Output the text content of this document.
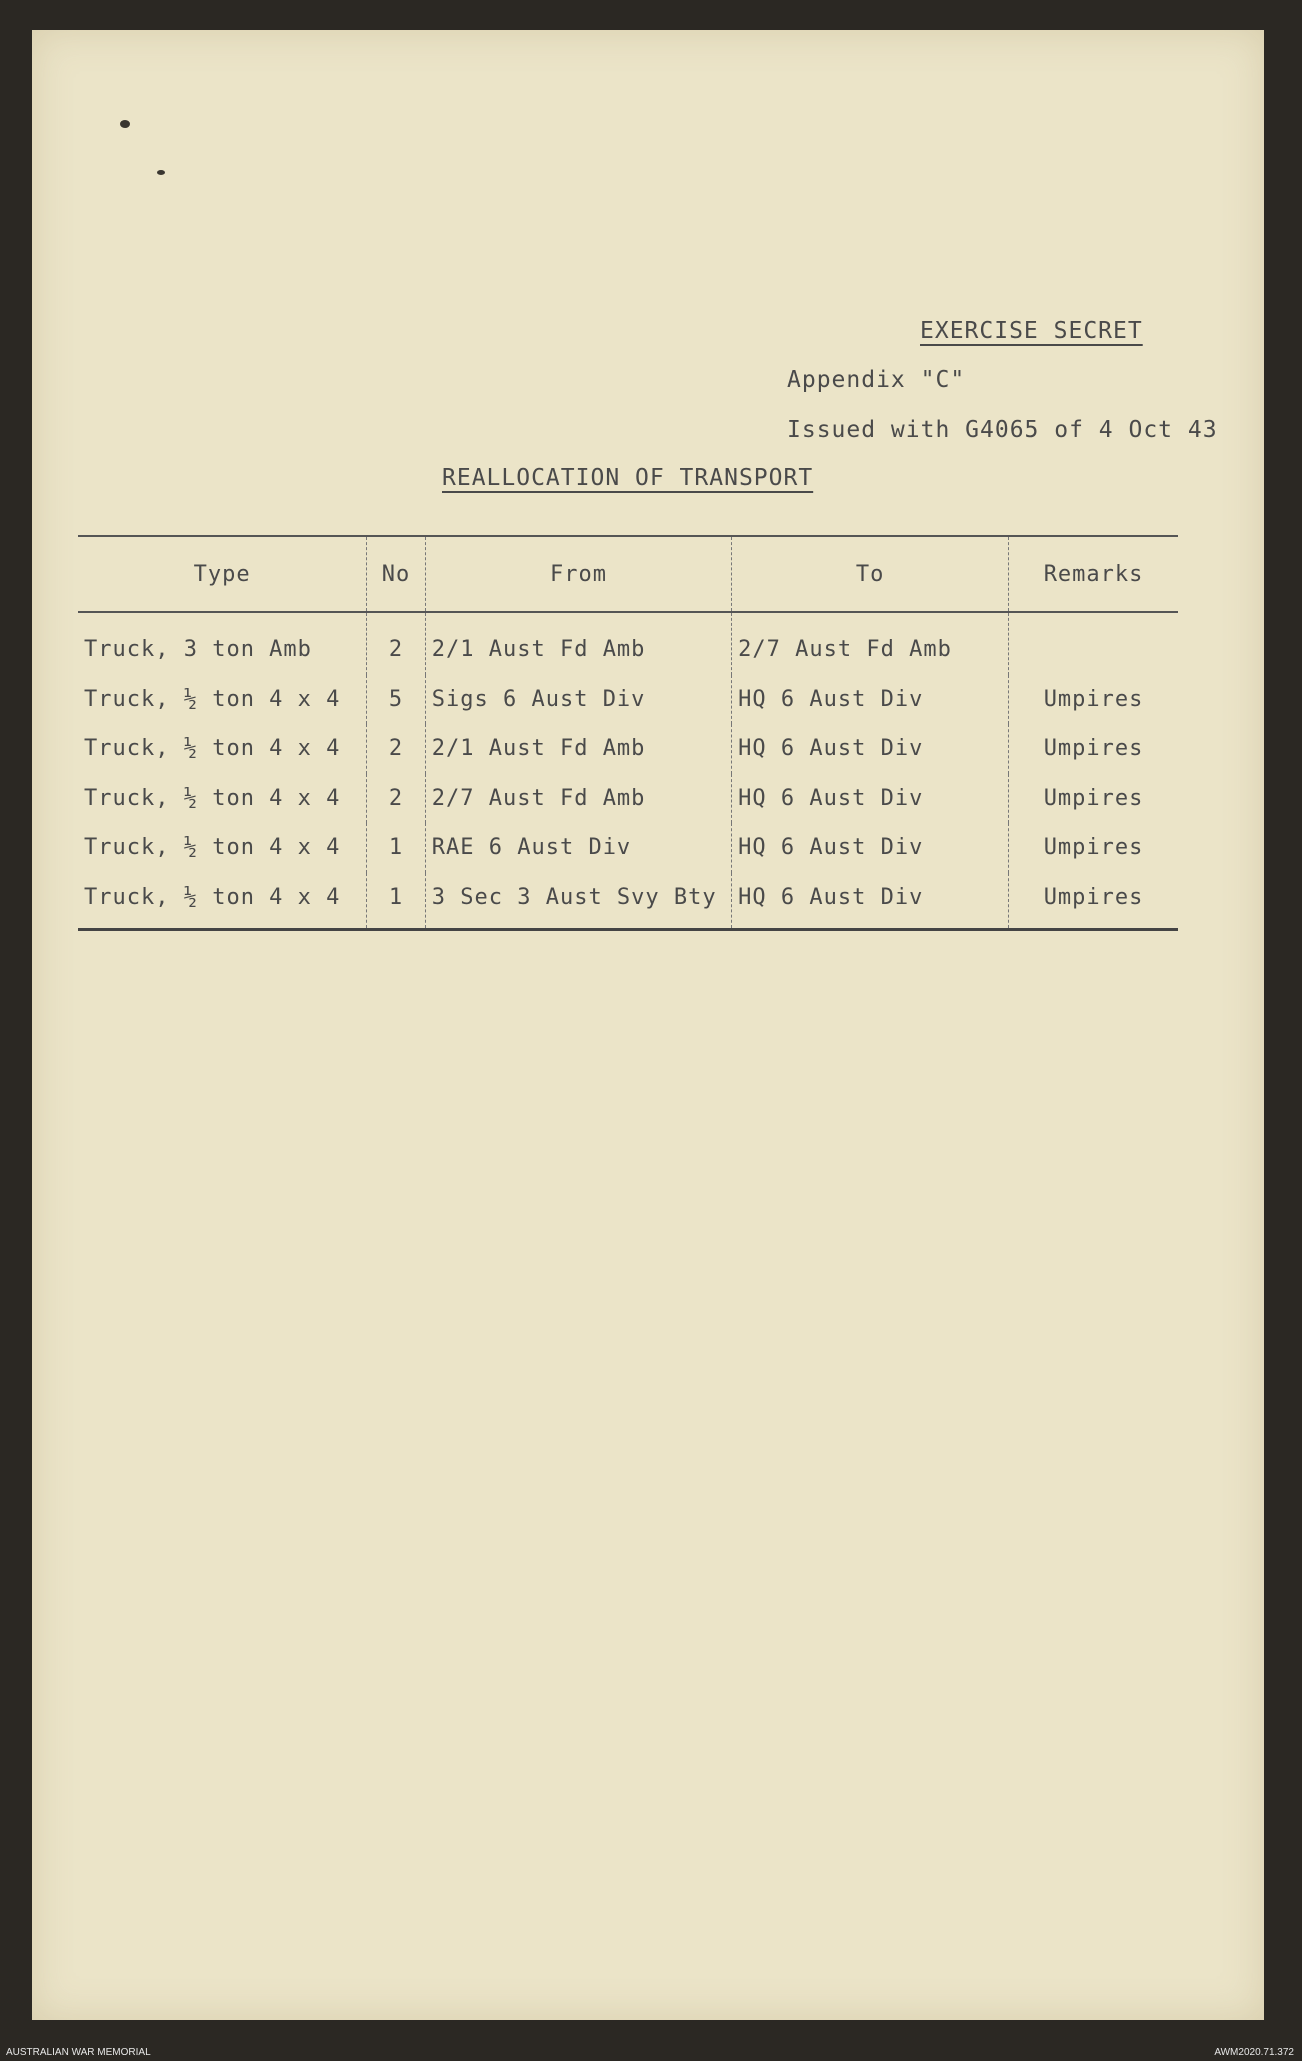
EXERCISE SECRET
Appendix "C"
Issued with G4065 of 4 Oct 43
REALLOCATION OF TRANSPORT
Type	No	From	To	Remarks
Truck, 3 ton Amb	2	2/1 Aust Fd Amb	2/7 Aust Fd Amb	
Truck, ½ ton 4 x 4	5	Sigs 6 Aust Div	HQ 6 Aust Div	Umpires
Truck, ½ ton 4 x 4	2	2/1 Aust Fd Amb	HQ 6 Aust Div	Umpires
Truck, ½ ton 4 x 4	2	2/7 Aust Fd Amb	HQ 6 Aust Div	Umpires
Truck, ½ ton 4 x 4	1	RAE 6 Aust Div	HQ 6 Aust Div	Umpires
Truck, ½ ton 4 x 4	1	3 Sec 3 Aust Svy Bty	HQ 6 Aust Div	Umpires
AUSTRALIAN WAR MEMORIAL	AWM2020.71.372
